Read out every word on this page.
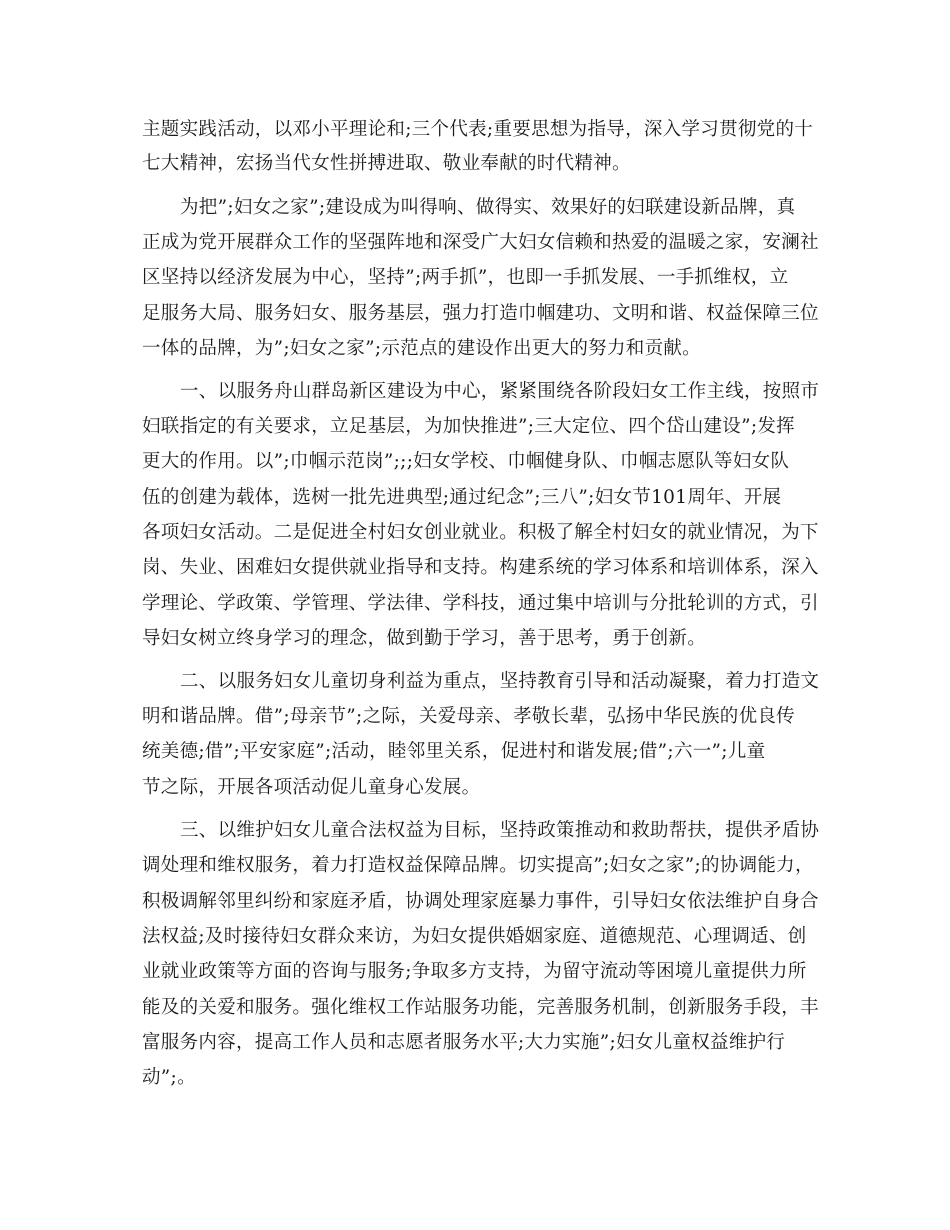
主题实践活动，以邓小平理论和;三个代表;重要思想为指导，深入学习贯彻党的十
七大精神，宏扬当代女性拼搏进取、敬业奉献的时代精神。
为把”;妇女之家”;建设成为叫得响、做得实、效果好的妇联建设新品牌，真
正成为党开展群众工作的坚强阵地和深受广大妇女信赖和热爱的温暖之家，安澜社
区坚持以经济发展为中心，坚持”;两手抓”，也即一手抓发展、一手抓维权，立
足服务大局、服务妇女、服务基层，强力打造巾帼建功、文明和谐、权益保障三位
一体的品牌，为”;妇女之家”;示范点的建设作出更大的努力和贡献。
一、以服务舟山群岛新区建设为中心，紧紧围绕各阶段妇女工作主线，按照市
妇联指定的有关要求，立足基层，为加快推进”;三大定位、四个岱山建设”;发挥
更大的作用。以”;巾帼示范岗”;;;妇女学校、巾帼健身队、巾帼志愿队等妇女队
伍的创建为载体，选树一批先进典型;通过纪念”;三八”;妇女节101周年、开展
各项妇女活动。二是促进全村妇女创业就业。积极了解全村妇女的就业情况，为下
岗、失业、困难妇女提供就业指导和支持。构建系统的学习体系和培训体系，深入
学理论、学政策、学管理、学法律、学科技，通过集中培训与分批轮训的方式，引
导妇女树立终身学习的理念，做到勤于学习，善于思考，勇于创新。
二、以服务妇女儿童切身利益为重点，坚持教育引导和活动凝聚，着力打造文
明和谐品牌。借”;母亲节”;之际，关爱母亲、孝敬长辈，弘扬中华民族的优良传
统美德;借”;平安家庭”;活动，睦邻里关系，促进村和谐发展;借”;六一”;儿童
节之际，开展各项活动促儿童身心发展。
三、以维护妇女儿童合法权益为目标，坚持政策推动和救助帮扶，提供矛盾协
调处理和维权服务，着力打造权益保障品牌。切实提高”;妇女之家”;的协调能力，
积极调解邻里纠纷和家庭矛盾，协调处理家庭暴力事件，引导妇女依法维护自身合
法权益;及时接待妇女群众来访，为妇女提供婚姻家庭、道德规范、心理调适、创
业就业政策等方面的咨询与服务;争取多方支持，为留守流动等困境儿童提供力所
能及的关爱和服务。强化维权工作站服务功能，完善服务机制，创新服务手段，丰
富服务内容，提高工作人员和志愿者服务水平;大力实施”;妇女儿童权益维护行
动”;。
